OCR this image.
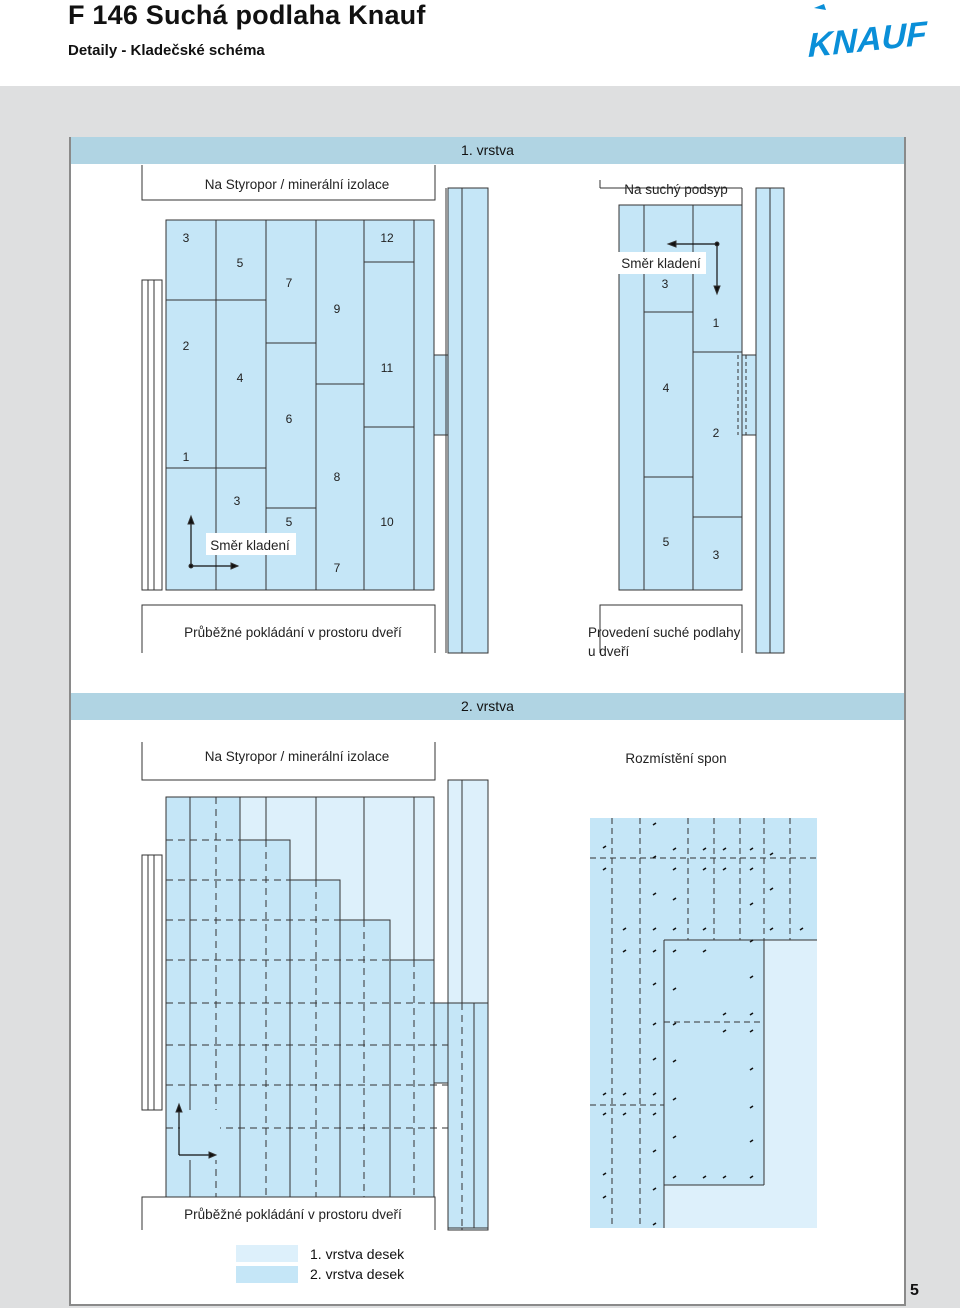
F 146 Suchá podlaha Knauf
Detaily - Kladečské schéma	KNAUF
1. vrstva
2. vrstva
Na Styropor / minerální izolace
Směr kladení
Průběžné pokládání v prostoru dveří
3	12
5
7
9
2
4
11
6
1
8
3
5	10
7
Na suchý podsyp
Směr kladení
Provedení suché podlahy
u dveří
3
1
4
2
5
3
Na Styropor / minerální izolace
Průběžné pokládání v prostoru dveří
Rozmístění spon
1. vrstva desek
2. vrstva desek
5
